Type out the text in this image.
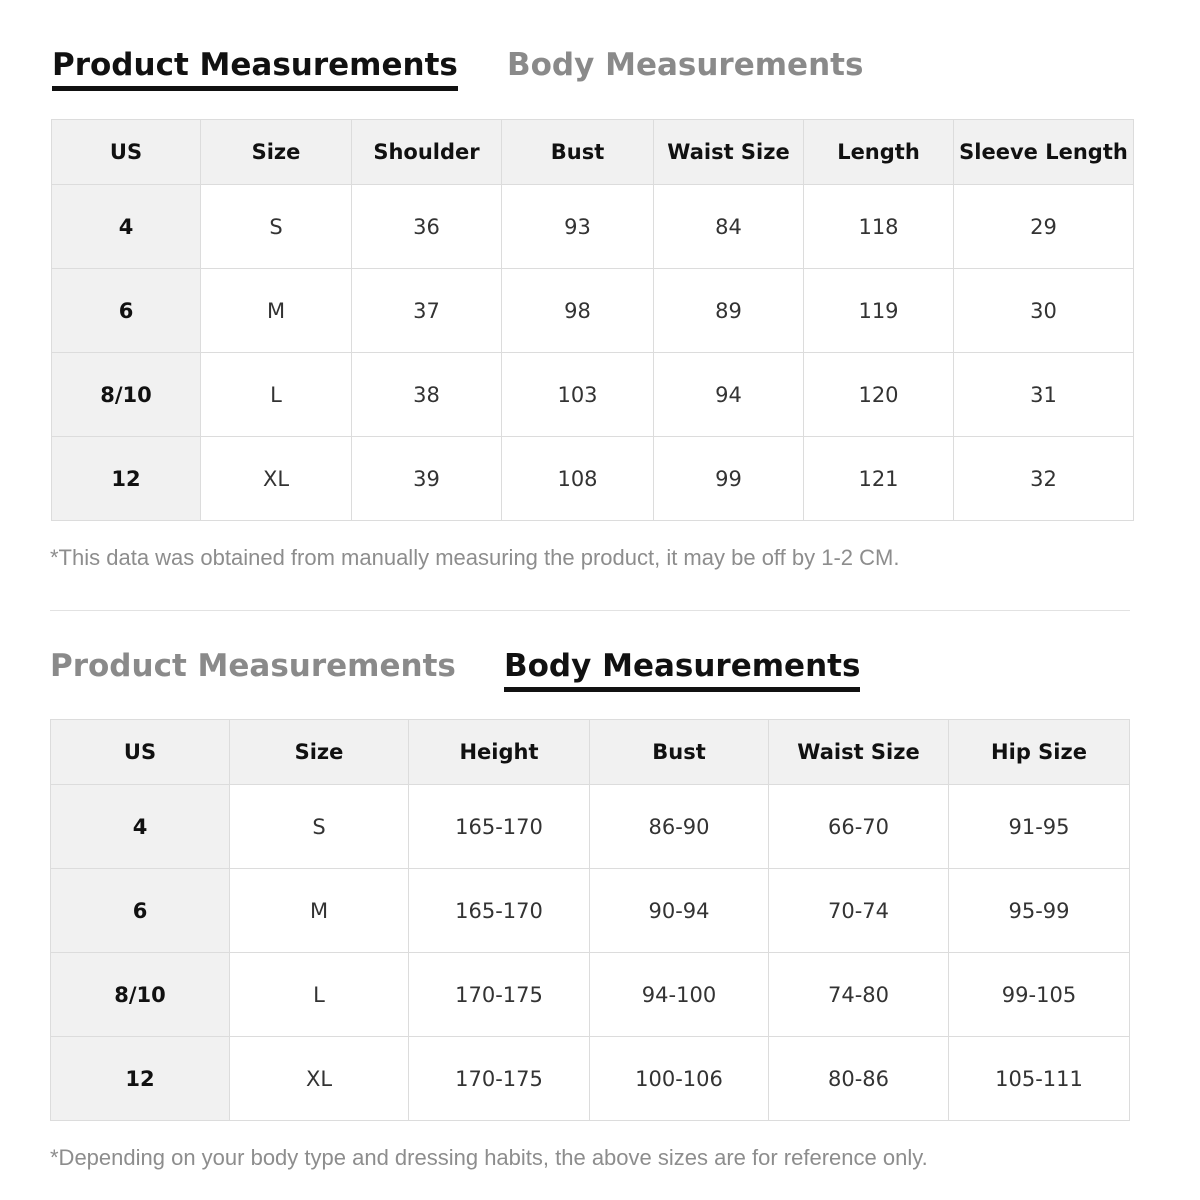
Product Measurements Body Measurements
US	Size	Shoulder	Bust	Waist Size	Length	Sleeve Length
4	S	36	93	84	118	29
6	M	37	98	89	119	30
8/10	L	38	103	94	120	31
12	XL	39	108	99	121	32
*This data was obtained from manually measuring the product, it may be off by 1-2 CM.
Product Measurements Body Measurements
US	Size	Height	Bust	Waist Size	Hip Size
4	S	165-170	86-90	66-70	91-95
6	M	165-170	90-94	70-74	95-99
8/10	L	170-175	94-100	74-80	99-105
12	XL	170-175	100-106	80-86	105-111
*Depending on your body type and dressing habits, the above sizes are for reference only.
